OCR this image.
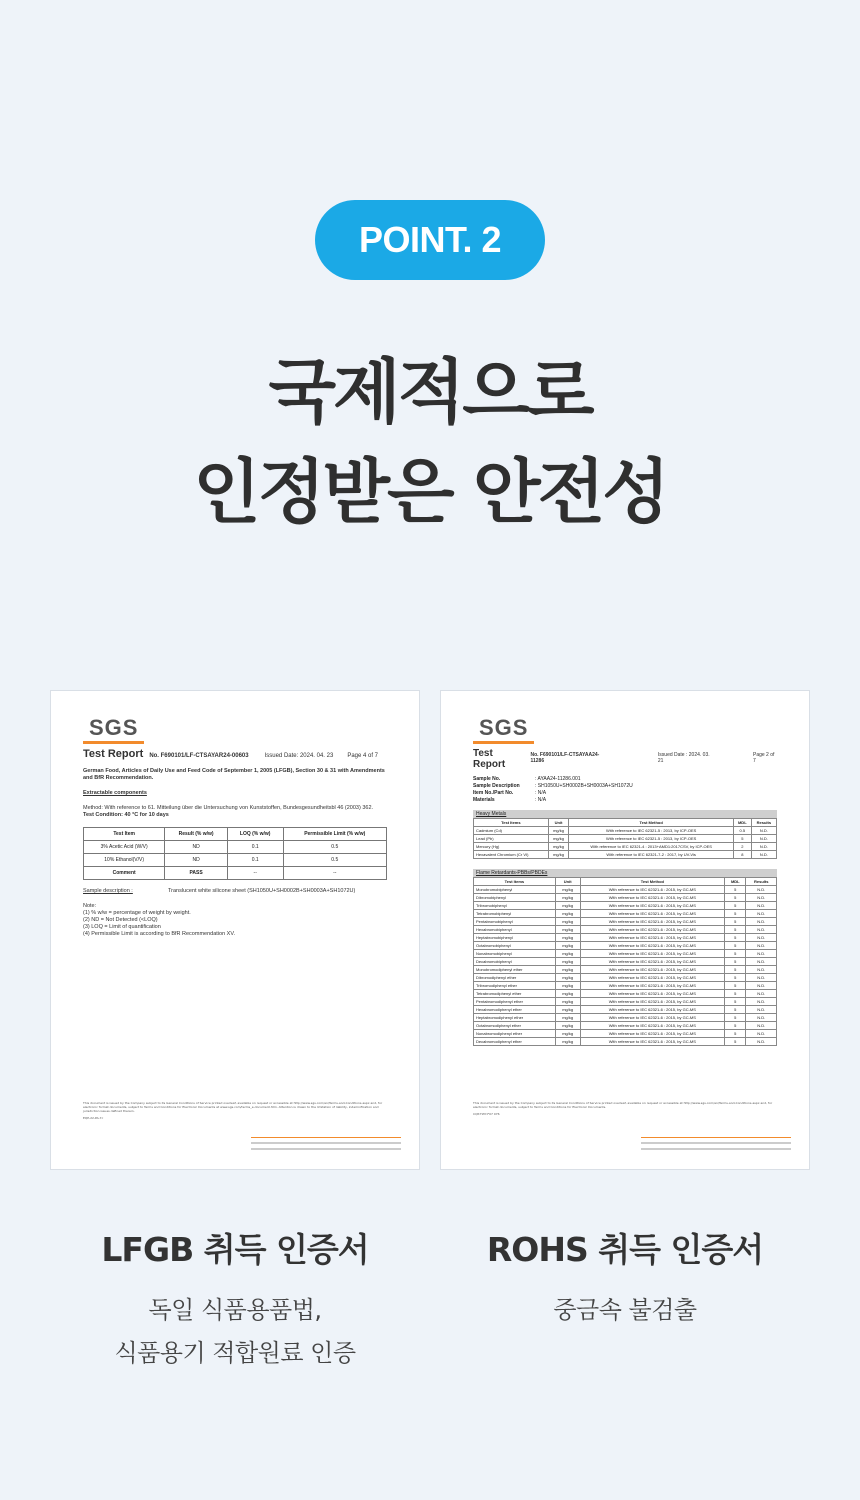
POINT. 2
국제적으로
인정받은 안전성
SGS
Test Report No. F690101/LF-CTSAYAR24-00603	Issued Date: 2024. 04. 23 Page 4 of 7
German Food, Articles of Daily Use and Feed Code of September 1, 2005 (LFGB), Section 30 & 31 with Amendments and BfR Recommendation.
Extractable components
Method: With reference to 61. Mitteilung über die Untersuchung von Kunststoffen, Bundesgesundheitsbl 46 (2003) 362.
Test Condition: 40 °C for 10 days
Test Item	Result (% w/w)	LOQ (% w/w)	Permissible Limit (% w/w)
3% Acetic Acid (W/V)	ND	0.1	0.5
10% Ethanol(V/V)	ND	0.1	0.5
Comment	PASS	--	--
Sample description :	Translucent white silicone sheet (SH1050U+SH0002B+SH0003A+SH1072U)
Note:
(1) % w/w = percentage of weight by weight.
(2) ND = Not Detected (<LOQ)
(3) LOQ = Limit of quantification
(4) Permissible Limit is according to BfR Recommendation XV.
This document is issued by the Company subject to its General Conditions of Service printed overleaf, available on request or accessible at http://www.sgs.com/en/Terms-and-Conditions.aspx and, for electronic format documents, subject to Terms and Conditions for Electronic Documents at www.sgs.com/terms_e-document.htm. Attention is drawn to the limitation of liability, indemnification and jurisdiction issues defined therein.
EQP-22-PA-7c
SGS
Test Report
No. F690101/LF-CTSAYAA24-11286
Issued Date : 2024. 03. 21
Page 2 of 7
Sample No.	: AYAA24-11286.001
Sample Description	: SH1050U+SH0002B+SH0003A+SH1072U
Item No./Part No.	: N/A
Materials	: N/A
Heavy Metals
Test Items	Unit	Test Method	MDL	Results
Cadmium (Cd)	mg/kg	With reference to IEC 62321-5 : 2013, by ICP-OES	0.5	N.D.
Lead (Pb)	mg/kg	With reference to IEC 62321-5 : 2013, by ICP-OES	5	N.D.
Mercury (Hg)	mg/kg	With reference to IEC 62321-4 : 2013+AMD1:2017CSV, by ICP-OES	2	N.D.
Hexavalent Chromium (Cr VI)	mg/kg	With reference to IEC 62321-7-2 : 2017, by UV-Vis	8	N.D.
Flame Retardants-PBBs/PBDEs
Test Items	Unit	Test Method	MDL	Results
Monobromobiphenyl	mg/kg	With reference to IEC 62321-6 : 2015, by GC-MS	5	N.D.
Dibromobiphenyl	mg/kg	With reference to IEC 62321-6 : 2015, by GC-MS	5	N.D.
Tribromobiphenyl	mg/kg	With reference to IEC 62321-6 : 2015, by GC-MS	5	N.D.
Tetrabromobiphenyl	mg/kg	With reference to IEC 62321-6 : 2015, by GC-MS	5	N.D.
Pentabromobiphenyl	mg/kg	With reference to IEC 62321-6 : 2015, by GC-MS	5	N.D.
Hexabromobiphenyl	mg/kg	With reference to IEC 62321-6 : 2015, by GC-MS	5	N.D.
Heptabromobiphenyl	mg/kg	With reference to IEC 62321-6 : 2015, by GC-MS	5	N.D.
Octabromobiphenyl	mg/kg	With reference to IEC 62321-6 : 2015, by GC-MS	5	N.D.
Nonabromobiphenyl	mg/kg	With reference to IEC 62321-6 : 2015, by GC-MS	5	N.D.
Decabromobiphenyl	mg/kg	With reference to IEC 62321-6 : 2015, by GC-MS	5	N.D.
Monobromodiphenyl ether	mg/kg	With reference to IEC 62321-6 : 2015, by GC-MS	5	N.D.
Dibromodiphenyl ether	mg/kg	With reference to IEC 62321-6 : 2015, by GC-MS	5	N.D.
Tribromodiphenyl ether	mg/kg	With reference to IEC 62321-6 : 2015, by GC-MS	5	N.D.
Tetrabromodiphenyl ether	mg/kg	With reference to IEC 62321-6 : 2015, by GC-MS	5	N.D.
Pentabromodiphenyl ether	mg/kg	With reference to IEC 62321-6 : 2015, by GC-MS	5	N.D.
Hexabromodiphenyl ether	mg/kg	With reference to IEC 62321-6 : 2015, by GC-MS	5	N.D.
Heptabromodiphenyl ether	mg/kg	With reference to IEC 62321-6 : 2015, by GC-MS	5	N.D.
Octabromodiphenyl ether	mg/kg	With reference to IEC 62321-6 : 2015, by GC-MS	5	N.D.
Nonabromodiphenyl ether	mg/kg	With reference to IEC 62321-6 : 2015, by GC-MS	5	N.D.
Decabromodiphenyl ether	mg/kg	With reference to IEC 62321-6 : 2015, by GC-MS	5	N.D.
This document is issued by the Company subject to its General Conditions of Service printed overleaf, available on request or accessible at http://www.sgs.com/en/Terms-and-Conditions.aspx and, for electronic format documents, subject to Terms and Conditions for Electronic Documents.
CQP-TWY-F07 076
LFGB 취득 인증서
독일 식품용품법,
식품용기 적합원료 인증
ROHS 취득 인증서
중금속 불검출
